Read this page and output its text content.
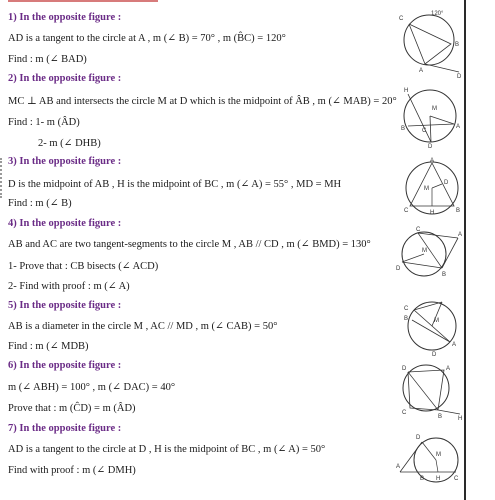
1) In the opposite figure :
AD is a tangent to the circle at A , m (∠ B) = 70° , m (B̂C) = 120°
Find : m (∠ BAD)
2) In the opposite figure :
MC ⊥ AB and intersects the circle M at D which is the midpoint of ÂB , m (∠ MAB) = 20°
Find : 1- m (ÂD)
2- m (∠ DHB)
3) In the opposite figure :
D is the midpoint of AB , H is the midpoint of BC , m (∠ A) = 55° , MD = MH
Find : m (∠ B)
4) In the opposite figure :
AB and AC are two tangent-segments to the circle M , AB // CD , m (∠ BMD) = 130°
1- Prove that : CB bisects (∠ ACD)
2- Find with proof : m (∠ A)
5) In the opposite figure :
AB is a diameter in the circle M , AC // MD , m (∠ CAB) = 50°
Find : m (∠ MDB)
6) In the opposite figure :
m (∠ ABH) = 100° , m (∠ DAC) = 40°
Prove that : m (ĈD) = m (ÂD)
7) In the opposite figure :
AD is a tangent to the circle at D , H is the midpoint of BC , m (∠ A) = 50°
Find with proof : m (∠ DMH)
C
120°
B
A
D
H
M
B	C
A
D
A
M
D
C	H	B
C
A
M
D
B
C
B	M
A
D
D	A
C
B	H
D
M
A
B H C
